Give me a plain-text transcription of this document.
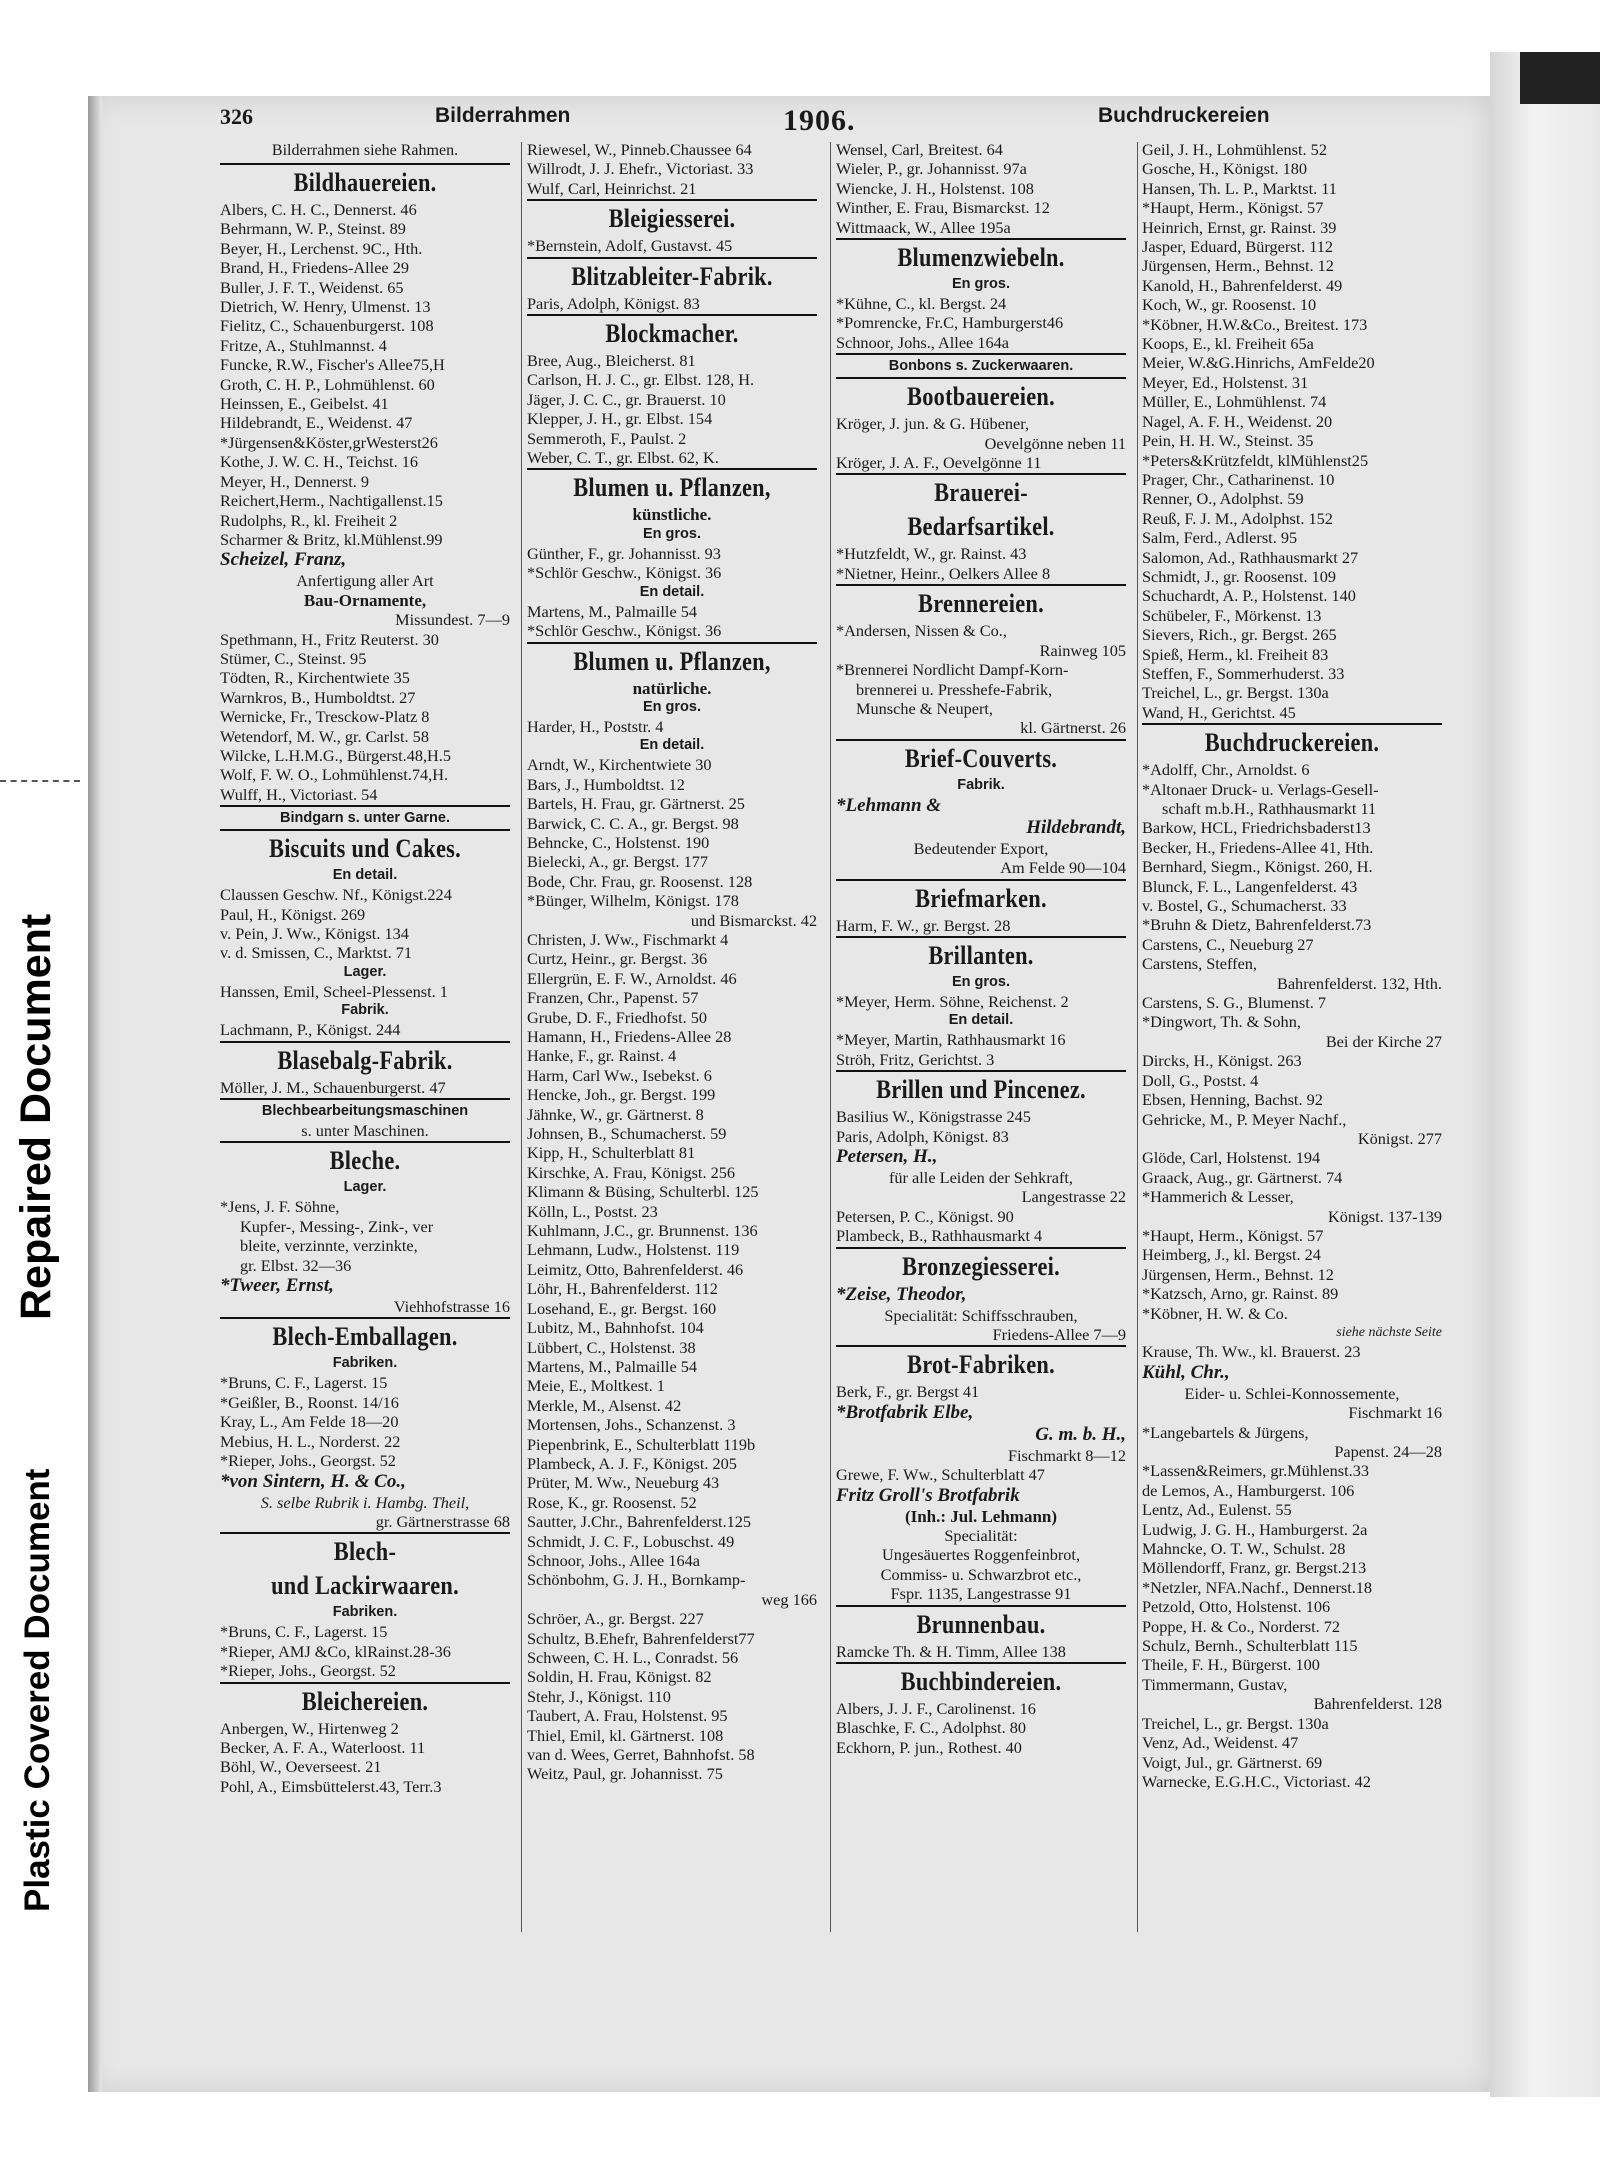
Plastic Covered Document
Repaired Document
326	Bilderrahmen	1906.	Buchdruckereien
Bilderrahmen siehe Rahmen.
Bildhauereien.
Albers, C. H. C., Dennerst. 46
Behrmann, W. P., Steinst. 89
Beyer, H., Lerchenst. 9C., Hth.
Brand, H., Friedens-Allee 29
Buller, J. F. T., Weidenst. 65
Dietrich, W. Henry, Ulmenst. 13
Fielitz, C., Schauenburgerst. 108
Fritze, A., Stuhlmannst. 4
Funcke, R.W., Fischer's Allee75,H
Groth, C. H. P., Lohmühlenst. 60
Heinssen, E., Geibelst. 41
Hildebrandt, E., Weidenst. 47
*Jürgensen&Köster,grWesterst26
Kothe, J. W. C. H., Teichst. 16
Meyer, H., Dennerst. 9
Reichert,Herm., Nachtigallenst.15
Rudolphs, R., kl. Freiheit 2
Scharmer & Britz, kl.Mühlenst.99
Scheizel, Franz,
Anfertigung aller Art
Bau-Ornamente,
Missundest. 7—9
Spethmann, H., Fritz Reuterst. 30
Stümer, C., Steinst. 95
Tödten, R., Kirchentwiete 35
Warnkros, B., Humboldtst. 27
Wernicke, Fr., Tresckow-Platz 8
Wetendorf, M. W., gr. Carlst. 58
Wilcke, L.H.M.G., Bürgerst.48,H.5
Wolf, F. W. O., Lohmühlenst.74,H.
Wulff, H., Victoriast. 54
Bindgarn s. unter Garne.
Biscuits und Cakes.
En detail.
Claussen Geschw. Nf., Königst.224
Paul, H., Königst. 269
v. Pein, J. Ww., Königst. 134
v. d. Smissen, C., Marktst. 71
Lager.
Hanssen, Emil, Scheel-Plessenst. 1
Fabrik.
Lachmann, P., Königst. 244
Blasebalg-Fabrik.
Möller, J. M., Schauenburgerst. 47
Blechbearbeitungsmaschinen
s. unter Maschinen.
Bleche.
Lager.
*Jens, J. F. Söhne,
Kupfer-, Messing-, Zink-, ver
bleite, verzinnte, verzinkte,
gr. Elbst. 32—36
*Tweer, Ernst,
Viehhofstrasse 16
Blech-Emballagen.
Fabriken.
*Bruns, C. F., Lagerst. 15
*Geißler, B., Roonst. 14/16
Kray, L., Am Felde 18—20
Mebius, H. L., Norderst. 22
*Rieper, Johs., Georgst. 52
*von Sintern, H. & Co.,
S. selbe Rubrik i. Hambg. Theil,
gr. Gärtnerstrasse 68
Blech-
und Lackirwaaren.
Fabriken.
*Bruns, C. F., Lagerst. 15
*Rieper, AMJ &Co, klRainst.28-36
*Rieper, Johs., Georgst. 52
Bleichereien.
Anbergen, W., Hirtenweg 2
Becker, A. F. A., Waterloost. 11
Böhl, W., Oeverseest. 21
Pohl, A., Eimsbüttelerst.43, Terr.3
Riewesel, W., Pinneb.Chaussee 64
Willrodt, J. J. Ehefr., Victoriast. 33
Wulf, Carl, Heinrichst. 21
Bleigiesserei.
*Bernstein, Adolf, Gustavst. 45
Blitzableiter-Fabrik.
Paris, Adolph, Königst. 83
Blockmacher.
Bree, Aug., Bleicherst. 81
Carlson, H. J. C., gr. Elbst. 128, H.
Jäger, J. C. C., gr. Brauerst. 10
Klepper, J. H., gr. Elbst. 154
Semmeroth, F., Paulst. 2
Weber, C. T., gr. Elbst. 62, K.
Blumen u. Pflanzen,
künstliche.
En gros.
Günther, F., gr. Johannisst. 93
*Schlör Geschw., Königst. 36
En detail.
Martens, M., Palmaille 54
*Schlör Geschw., Königst. 36
Blumen u. Pflanzen,
natürliche.
En gros.
Harder, H., Poststr. 4
En detail.
Arndt, W., Kirchentwiete 30
Bars, J., Humboldtst. 12
Bartels, H. Frau, gr. Gärtnerst. 25
Barwick, C. C. A., gr. Bergst. 98
Behncke, C., Holstenst. 190
Bielecki, A., gr. Bergst. 177
Bode, Chr. Frau, gr. Roosenst. 128
*Bünger, Wilhelm, Königst. 178
und Bismarckst. 42
Christen, J. Ww., Fischmarkt 4
Curtz, Heinr., gr. Bergst. 36
Ellergrün, E. F. W., Arnoldst. 46
Franzen, Chr., Papenst. 57
Grube, D. F., Friedhofst. 50
Hamann, H., Friedens-Allee 28
Hanke, F., gr. Rainst. 4
Harm, Carl Ww., Isebekst. 6
Hencke, Joh., gr. Bergst. 199
Jähnke, W., gr. Gärtnerst. 8
Johnsen, B., Schumacherst. 59
Kipp, H., Schulterblatt 81
Kirschke, A. Frau, Königst. 256
Klimann & Büsing, Schulterbl. 125
Kölln, L., Postst. 23
Kuhlmann, J.C., gr. Brunnenst. 136
Lehmann, Ludw., Holstenst. 119
Leimitz, Otto, Bahrenfelderst. 46
Löhr, H., Bahrenfelderst. 112
Losehand, E., gr. Bergst. 160
Lubitz, M., Bahnhofst. 104
Lübbert, C., Holstenst. 38
Martens, M., Palmaille 54
Meie, E., Moltkest. 1
Merkle, M., Alsenst. 42
Mortensen, Johs., Schanzenst. 3
Piepenbrink, E., Schulterblatt 119b
Plambeck, A. J. F., Königst. 205
Prüter, M. Ww., Neueburg 43
Rose, K., gr. Roosenst. 52
Sautter, J.Chr., Bahrenfelderst.125
Schmidt, J. C. F., Lobuschst. 49
Schnoor, Johs., Allee 164a
Schönbohm, G. J. H., Bornkamp-
weg 166
Schröer, A., gr. Bergst. 227
Schultz, B.Ehefr, Bahrenfelderst77
Schween, C. H. L., Conradst. 56
Soldin, H. Frau, Königst. 82
Stehr, J., Königst. 110
Taubert, A. Frau, Holstenst. 95
Thiel, Emil, kl. Gärtnerst. 108
van d. Wees, Gerret, Bahnhofst. 58
Weitz, Paul, gr. Johannisst. 75
Wensel, Carl, Breitest. 64
Wieler, P., gr. Johannisst. 97a
Wiencke, J. H., Holstenst. 108
Winther, E. Frau, Bismarckst. 12
Wittmaack, W., Allee 195a
Blumenzwiebeln.
En gros.
*Kühne, C., kl. Bergst. 24
*Pomrencke, Fr.C, Hamburgerst46
Schnoor, Johs., Allee 164a
Bonbons s. Zuckerwaaren.
Bootbauereien.
Kröger, J. jun. & G. Hübener,
Oevelgönne neben 11
Kröger, J. A. F., Oevelgönne 11
Brauerei-
Bedarfsartikel.
*Hutzfeldt, W., gr. Rainst. 43
*Nietner, Heinr., Oelkers Allee 8
Brennereien.
*Andersen, Nissen & Co.,
Rainweg 105
*Brennerei Nordlicht Dampf-Korn-
brennerei u. Presshefe-Fabrik,
Munsche & Neupert,
kl. Gärtnerst. 26
Brief-Couverts.
Fabrik.
*Lehmann &
Hildebrandt,
Bedeutender Export,
Am Felde 90—104
Briefmarken.
Harm, F. W., gr. Bergst. 28
Brillanten.
En gros.
*Meyer, Herm. Söhne, Reichenst. 2
En detail.
*Meyer, Martin, Rathhausmarkt 16
Ströh, Fritz, Gerichtst. 3
Brillen und Pincenez.
Basilius W., Königstrasse 245
Paris, Adolph, Königst. 83
Petersen, H.,
für alle Leiden der Sehkraft,
Langestrasse 22
Petersen, P. C., Königst. 90
Plambeck, B., Rathhausmarkt 4
Bronzegiesserei.
*Zeise, Theodor,
Specialität: Schiffsschrauben,
Friedens-Allee 7—9
Brot-Fabriken.
Berk, F., gr. Bergst 41
*Brotfabrik Elbe,
G. m. b. H.,
Fischmarkt 8—12
Grewe, F. Ww., Schulterblatt 47
Fritz Groll's Brotfabrik
(Inh.: Jul. Lehmann)
Specialität:
Ungesäuertes Roggenfeinbrot,
Commiss- u. Schwarzbrot etc.,
Fspr. 1135, Langestrasse 91
Brunnenbau.
Ramcke Th. & H. Timm, Allee 138
Buchbindereien.
Albers, J. J. F., Carolinenst. 16
Blaschke, F. C., Adolphst. 80
Eckhorn, P. jun., Rothest. 40
Geil, J. H., Lohmühlenst. 52
Gosche, H., Königst. 180
Hansen, Th. L. P., Marktst. 11
*Haupt, Herm., Königst. 57
Heinrich, Ernst, gr. Rainst. 39
Jasper, Eduard, Bürgerst. 112
Jürgensen, Herm., Behnst. 12
Kanold, H., Bahrenfelderst. 49
Koch, W., gr. Roosenst. 10
*Köbner, H.W.&Co., Breitest. 173
Koops, E., kl. Freiheit 65a
Meier, W.&G.Hinrichs, AmFelde20
Meyer, Ed., Holstenst. 31
Müller, E., Lohmühlenst. 74
Nagel, A. F. H., Weidenst. 20
Pein, H. H. W., Steinst. 35
*Peters&Krützfeldt, klMühlenst25
Prager, Chr., Catharinenst. 10
Renner, O., Adolphst. 59
Reuß, F. J. M., Adolphst. 152
Salm, Ferd., Adlerst. 95
Salomon, Ad., Rathhausmarkt 27
Schmidt, J., gr. Roosenst. 109
Schuchardt, A. P., Holstenst. 140
Schübeler, F., Mörkenst. 13
Sievers, Rich., gr. Bergst. 265
Spieß, Herm., kl. Freiheit 83
Steffen, F., Sommerhuderst. 33
Treichel, L., gr. Bergst. 130a
Wand, H., Gerichtst. 45
Buchdruckereien.
*Adolff, Chr., Arnoldst. 6
*Altonaer Druck- u. Verlags-Gesell-
schaft m.b.H., Rathhausmarkt 11
Barkow, HCL, Friedrichsbaderst13
Becker, H., Friedens-Allee 41, Hth.
Bernhard, Siegm., Königst. 260, H.
Blunck, F. L., Langenfelderst. 43
v. Bostel, G., Schumacherst. 33
*Bruhn & Dietz, Bahrenfelderst.73
Carstens, C., Neueburg 27
Carstens, Steffen,
Bahrenfelderst. 132, Hth.
Carstens, S. G., Blumenst. 7
*Dingwort, Th. & Sohn,
Bei der Kirche 27
Dircks, H., Königst. 263
Doll, G., Postst. 4
Ebsen, Henning, Bachst. 92
Gehricke, M., P. Meyer Nachf.,
Königst. 277
Glöde, Carl, Holstenst. 194
Graack, Aug., gr. Gärtnerst. 74
*Hammerich & Lesser,
Königst. 137-139
*Haupt, Herm., Königst. 57
Heimberg, J., kl. Bergst. 24
Jürgensen, Herm., Behnst. 12
*Katzsch, Arno, gr. Rainst. 89
*Köbner, H. W. & Co.
siehe nächste Seite
Krause, Th. Ww., kl. Brauerst. 23
Kühl, Chr.,
Eider- u. Schlei-Konnossemente,
Fischmarkt 16
*Langebartels & Jürgens,
Papenst. 24—28
*Lassen&Reimers, gr.Mühlenst.33
de Lemos, A., Hamburgerst. 106
Lentz, Ad., Eulenst. 55
Ludwig, J. G. H., Hamburgerst. 2a
Mahncke, O. T. W., Schulst. 28
Möllendorff, Franz, gr. Bergst.213
*Netzler, NFA.Nachf., Dennerst.18
Petzold, Otto, Holstenst. 106
Poppe, H. & Co., Norderst. 72
Schulz, Bernh., Schulterblatt 115
Theile, F. H., Bürgerst. 100
Timmermann, Gustav,
Bahrenfelderst. 128
Treichel, L., gr. Bergst. 130a
Venz, Ad., Weidenst. 47
Voigt, Jul., gr. Gärtnerst. 69
Warnecke, E.G.H.C., Victoriast. 42
